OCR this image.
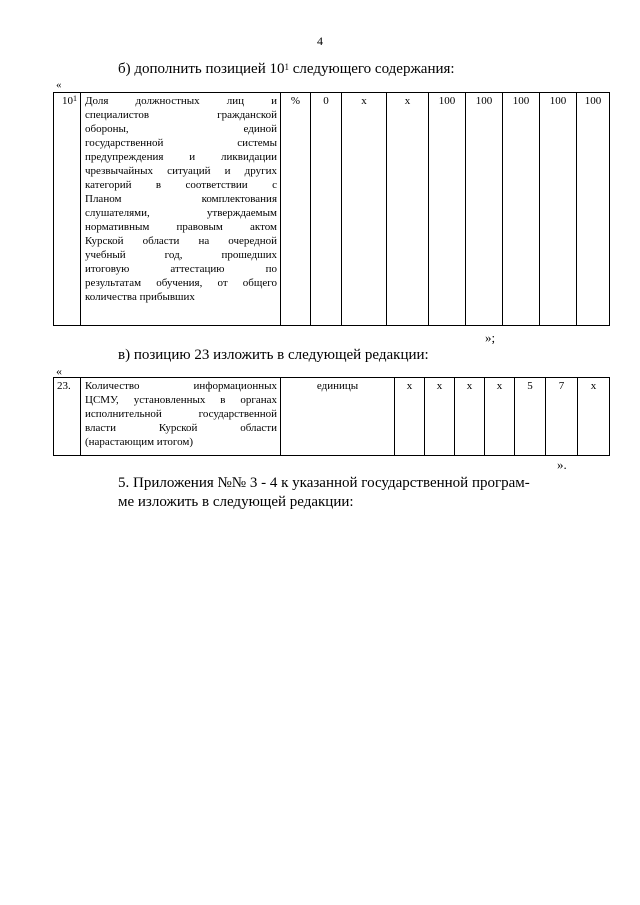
4
б) дополнить позицией $10^1$ следующего содержания:
«
$10^1$	Доля должностных лиц и
специалистов гражданской
обороны, единой
государственной системы
предупреждения и ликвидации
чрезвычайных ситуаций и других
категорий в соответствии с
Планом комплектования
слушателями, утверждаемым
нормативным правовым актом
Курской области на очередной
учебный год, прошедших
итоговую аттестацию по
результатам обучения, от общего
количества прибывших
	%	0	х	х	100	100	100	100	100
»;
в) позицию 23 изложить в следующей редакции:
«
23.	Количество информационных
ЦСМУ, установленных в органах
исполнительной государственной
власти Курской области
(нарастающим итогом)
	единицы	х	х	х	х	5	7	х
».
5. Приложения №№ 3 - 4 к указанной государственной програм-
ме изложить в следующей редакции:
